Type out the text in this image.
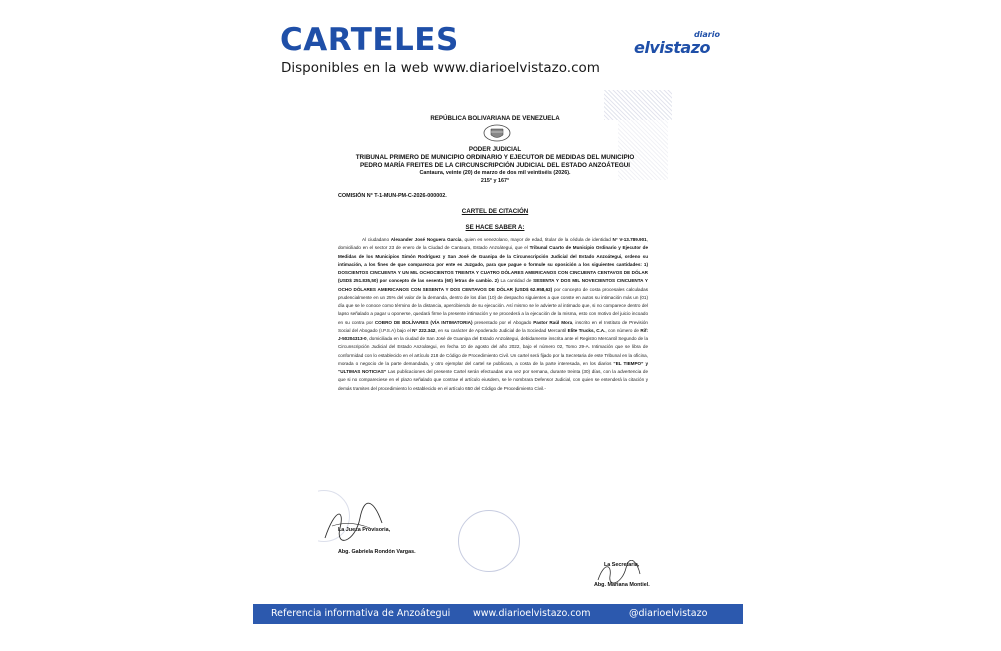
CARTELES
Disponibles en la web www.diarioelvistazo.com
diario
elvistazo
REPÚBLICA BOLIVARIANA DE VENEZUELA
PODER JUDICIAL
TRIBUNAL PRIMERO DE MUNICIPIO ORDINARIO Y EJECUTOR DE MEDIDAS DEL MUNICIPIO
PEDRO MARÍA FREITES DE LA CIRCUNSCRIPCIÓN JUDICIAL DEL ESTADO ANZOÁTEGUI
Cantaura, veinte (20) de marzo de dos mil veintiséis (2026).
215° y 167°
COMISIÓN N° T-1-MUN-PM-C-2026-000002.
CARTEL DE CITACIÓN
SE HACE SABER A:
Al ciudadano Alexander José Noguera García, quien es venezolano, mayor de edad, titular de la cédula de identidad N° V-13.789.901, domiciliado en el sector 23 de enero de la Ciudad de Cantaura, Estado Anzoátegui, que el Tribunal Cuarto de Municipio Ordinario y Ejecutor de Medidas de los Municipios Simón Rodríguez y San José de Guanipa de la Circunscripción Judicial del Estado Anzoátegui, ordeno su intimación, a los fines de que comparezca por ente es Juzgado, para que pague o formule su oposición a los siguientes cantidades: 1) DOSCIENTOS CINCUENTA Y UN MIL OCHOCIENTOS TREINTA Y CUATRO DÓLARES AMERICANOS CON CINCUENTA CENTAVOS DE DÓLAR (USD$ 251.835,50) por concepto de las sesenta (60) letras de cambio. 2) La cantidad de SESENTA Y DOS MIL NOVECIENTOS CINCUENTA Y OCHO DÓLARES AMERICANOS CON SESENTA Y DOS CENTAVOS DE DÓLAR (USD$ 62.958,62) por concepto de costa procesales calculadas prudencialmente en un 25% del valor de la demanda, dentro de los días (10) de despacho siguientes a que conste en autos su intimación más un (01) día que se le conoce como término de la distancia, apercibiendo de su ejecución. Así mismo se le advierte al intimado que, si no comparece dentro del lapso señalado a pagar u oponerse, quedará firme la presente intimación y se procederá a la ejecución de la misma, esto con motivo del juicio incoado en su contra por COBRO DE BOLÍVARES (VÍA INTIMATORIA) presentado por el Abogado Pastor Raúl Mora, inscrito en el Instituto de Previsión Social del Abogado (I.P.S.A) bajo el N° 222.342, en su carácter de Apoderado Judicial de la Sociedad Mercantil Elite Trucks, C.A., con número de Rif: J-50204313-0, domiciliada en la ciudad de San José de Guanipa del Estado Anzoátegui, debidamente inscrita ante el Registro Mercantil Segundo de la Circunscripción Judicial del Estado Anzoátegui, en fecha 10 de agosto del año 2022, bajo el número 02, Tomo 29-A. Intimación que se libra de conformidad con lo establecido en el artículo 218 de Código de Procedimiento Civil. Un cartel será fijado por la Secretaria de este Tribunal en la oficina, morada o negocio de la parte demandada, y otro ejemplar del cartel se publicara, a costa de la parte interesada, en los diarios “EL TIEMPO” y “ULTIMAS NOTICIAS” Las publicaciones del presente Cartel serán efectuadas una vez por semana, durante treinta (30) días, con la advertencia de que si no compareciese en el plazo señalado que contrae el artículo eiusdem, se le nombrara Defensor Judicial, con quien se entenderá la citación y demás tramites del procedimiento lo establecido en el artículo 650 del Código de Procedimiento Civil.-
La Jueza Provisoria,
Abg. Gabriela Rondón Vargas.
La Secretaria,
Abg. Mariana Montiel.
Referencia informativa de Anzoátegui www.diarioelvistazo.com	@diarioelvistazo
